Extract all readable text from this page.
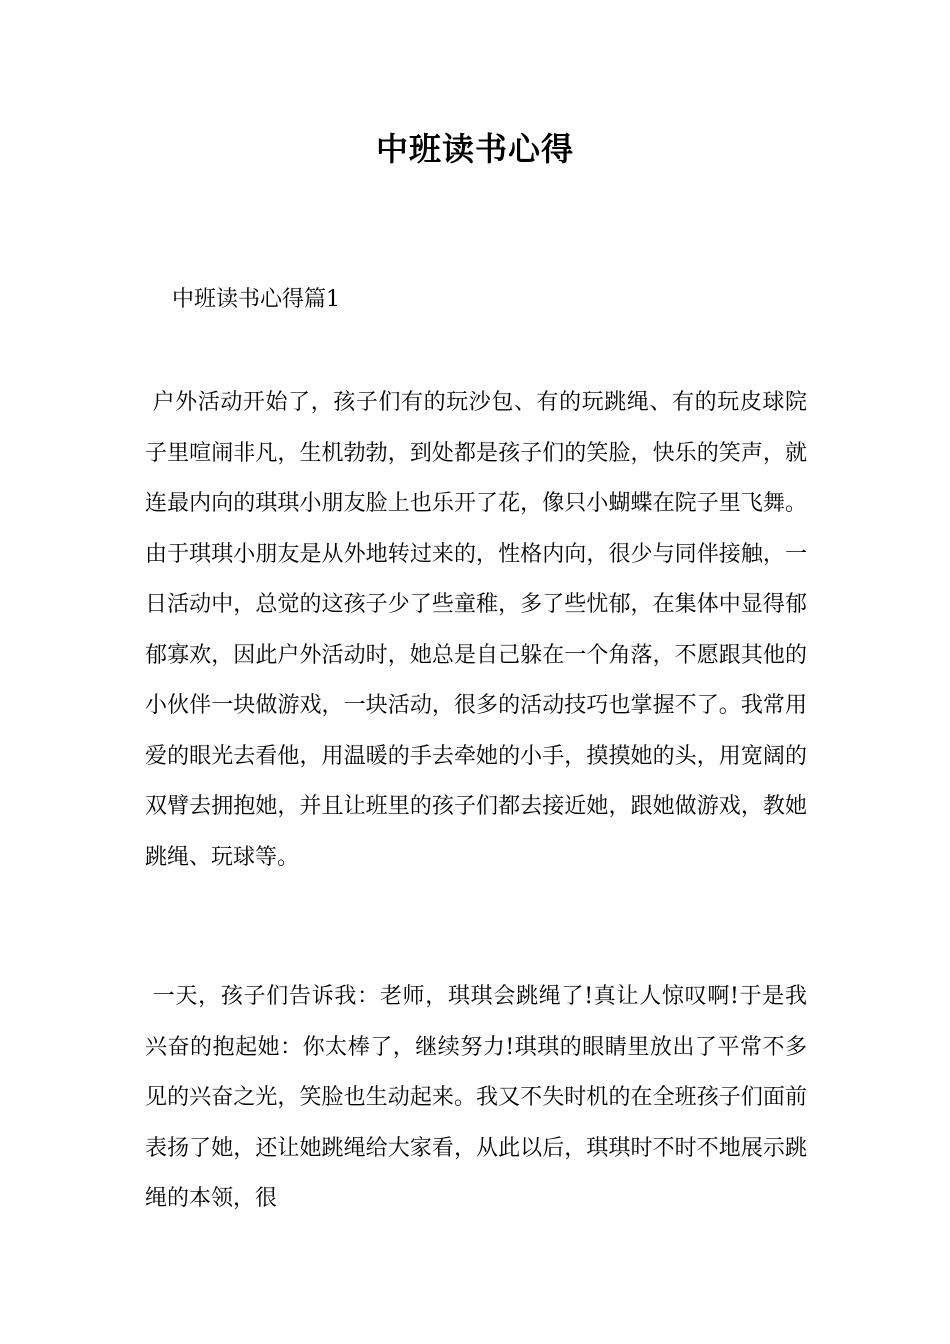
中班读书心得
中班读书心得篇1

户外活动开始了，孩子们有的玩沙包、有的玩跳绳、有的玩皮球院子里喧闹非凡，生机勃勃，到处都是孩子们的笑脸，快乐的笑声，就连最内向的琪琪小朋友脸上也乐开了花，像只小蝴蝶在院子里飞舞。由于琪琪小朋友是从外地转过来的，性格内向，很少与同伴接触，一日活动中，总觉的这孩子少了些童稚，多了些忧郁，在集体中显得郁郁寡欢，因此户外活动时，她总是自己躲在一个角落，不愿跟其他的小伙伴一块做游戏，一块活动，很多的活动技巧也掌握不了。我常用爱的眼光去看他，用温暖的手去牵她的小手，摸摸她的头，用宽阔的双臂去拥抱她，并且让班里的孩子们都去接近她，跟她做游戏，教她跳绳、玩球等。

一天，孩子们告诉我：老师，琪琪会跳绳了!真让人惊叹啊!于是我兴奋的抱起她：你太棒了，继续努力!琪琪的眼睛里放出了平常不多见的兴奋之光，笑脸也生动起来。我又不失时机的在全班孩子们面前表扬了她，还让她跳绳给大家看，从此以后，琪琪时不时不地展示跳绳的本领，很
